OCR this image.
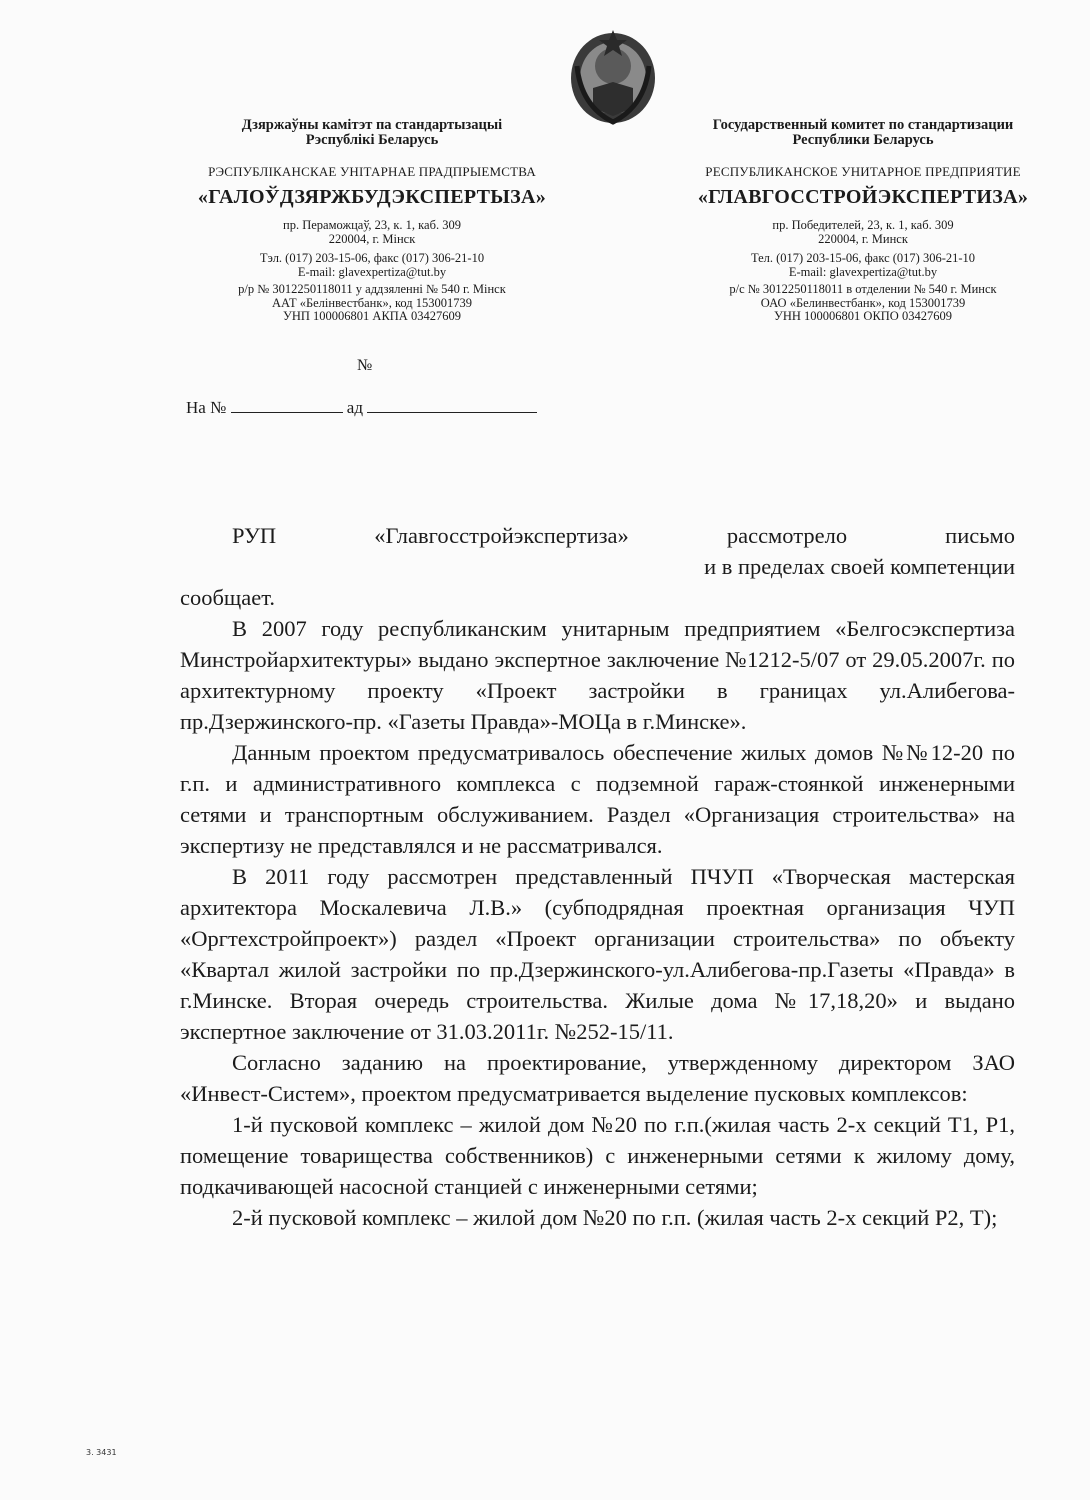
Дзяржаўны камітэт па стандартызацыі
Рэспублікі Беларусь
РЭСПУБЛІКАНСКАЕ УНІТАРНАЕ ПРАДПРЫЕМСТВА
«ГАЛОЎДЗЯРЖБУДЭКСПЕРТЫЗА»
пр. Пераможцаў, 23, к. 1, каб. 309
220004, г. Мінск
Тэл. (017) 203-15-06, факс (017) 306-21-10
E-mail: glavexpertiza@tut.by
р/р № 3012250118011 у аддзяленні № 540 г. Мінск
ААТ «Белінвестбанк», код 153001739
УНП 100006801 АКПА 03427609
Государственный комитет по стандартизации
Республики Беларусь
РЕСПУБЛИКАНСКОЕ УНИТАРНОЕ ПРЕДПРИЯТИЕ
«ГЛАВГОССТРОЙЭКСПЕРТИЗА»
пр. Победителей, 23, к. 1, каб. 309
220004, г. Минск
Тел. (017) 203-15-06, факс (017) 306-21-10
E-mail: glavexpertiza@tut.by
р/с № 3012250118011 в отделении № 540 г. Минск
ОАО «Белинвестбанк», код 153001739
УНН 100006801 ОКПО 03427609
№
На №	ад

РУП «Главгосстройэкспертиза» рассмотрело письмо

и в пределах своей компетенции

сообщает.

В 2007 году республиканским унитарным предприятием «Белгосэкспертиза Минстройархитектуры» выдано экспертное заключение №1212-5/07 от 29.05.2007г. по архитектурному проекту «Проект застройки в границах ул.Алибегова-пр.Дзержинского-пр. «Газеты Правда»-МОЦа в г.Минске».

Данным проектом предусматривалось обеспечение жилых домов №№12-20 по г.п. и административного комплекса с подземной гараж-стоянкой инженерными сетями и транспортным обслуживанием. Раздел «Организация строительства» на экспертизу не представлялся и не рассматривался.

В 2011 году рассмотрен представленный ПЧУП «Творческая мастерская архитектора Москалевича Л.В.» (субподрядная проектная организация ЧУП «Оргтехстройпроект») раздел «Проект организации строительства» по объекту «Квартал жилой застройки по пр.Дзержинского-ул.Алибегова-пр.Газеты «Правда» в г.Минске. Вторая очередь строительства. Жилые дома №17,18,20» и выдано экспертное заключение от 31.03.2011г. №252-15/11.

Согласно заданию на проектирование, утвержденному директором ЗАО «Инвест-Систем», проектом предусматривается выделение пусковых комплексов:

1-й пусковой комплекс – жилой дом №20 по г.п.(жилая часть 2-х секций Т1, Р1, помещение товарищества собственников) с инженерными сетями к жилому дому, подкачивающей насосной станцией с инженерными сетями;

2-й пусковой комплекс – жилой дом №20 по г.п. (жилая часть 2-х секций Р2, Т);

3. 3431
